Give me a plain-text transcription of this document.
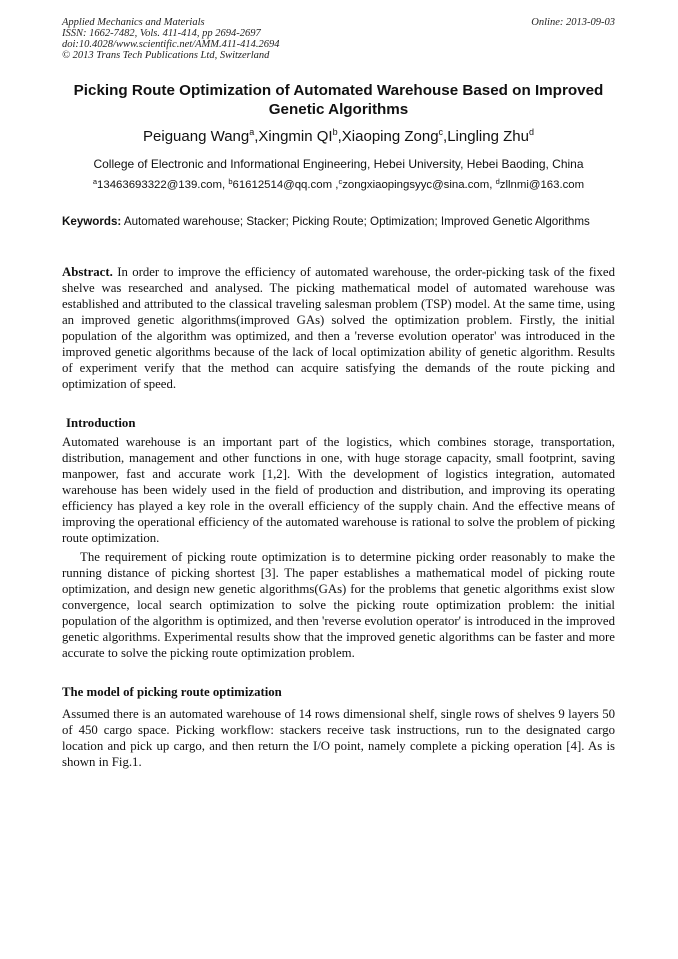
Applied Mechanics and Materials
ISSN: 1662-7482, Vols. 411-414, pp 2694-2697
doi:10.4028/www.scientific.net/AMM.411-414.2694
© 2013 Trans Tech Publications Ltd, Switzerland
Online: 2013-09-03
Picking Route Optimization of Automated Warehouse Based on Improved Genetic Algorithms
Peiguang Wang$^a$,Xingmin $QI^b,Xiaoping$ Zong$^c$,Lingling Zhu$^d$
College of Electronic and Informational Engineering, Hebei University, Hebei Baoding, China
$^a$13463693322@139.com, $^b$61612514@qq.com ,$^c$zongxiaopingsyyc@sina.com, $^d$zllnmi@163.com
Keywords: Automated warehouse; Stacker; Picking Route; Optimization; Improved Genetic Algorithms

Abstract. In order to improve the efficiency of automated warehouse, the order-picking task of the fixed shelve was researched and analysed. The picking mathematical model of automated warehouse was established and attributed to the classical traveling salesman problem (TSP) model. At the same time, using an improved genetic algorithms(improved GAs) solved the optimization problem. Firstly, the initial population of the algorithm was optimized, and then a 'reverse evolution operator' was introduced in the improved genetic algorithms because of the lack of local optimization ability of genetic algorithm. Results of experiment verify that the method can acquire satisfying the demands of the route picking and optimization of speed.

Introduction

Automated warehouse is an important part of the logistics, which combines storage, transportation, distribution, management and other functions in one, with huge storage capacity, small footprint, saving manpower, fast and accurate work [1,2]. With the development of logistics integration, automated warehouse has been widely used in the field of production and distribution, and improving its operating efficiency has played a key role in the overall efficiency of the supply chain. And the effective means of improving the operational efficiency of the automated warehouse is rational to solve the problem of picking route optimization.

The requirement of picking route optimization is to determine picking order reasonably to make the running distance of picking shortest [3]. The paper establishes a mathematical model of picking route optimization, and design new genetic algorithms(GAs) for the problems that genetic algorithms exist slow convergence, local search optimization to solve the picking route optimization problem: the initial population of the algorithm is optimized, and then 'reverse evolution operator' is introduced in the improved genetic algorithms. Experimental results show that the improved genetic algorithms can be faster and more accurate to solve the picking route optimization problem.

The model of picking route optimization

Assumed there is an automated warehouse of 14 rows dimensional shelf, single rows of shelves 9 layers 50 of 450 cargo space. Picking workflow: stackers receive task instructions, run to the designated cargo location and pick up cargo, and then return the I/O point, namely complete a picking operation [4]. As is shown in Fig.1.
